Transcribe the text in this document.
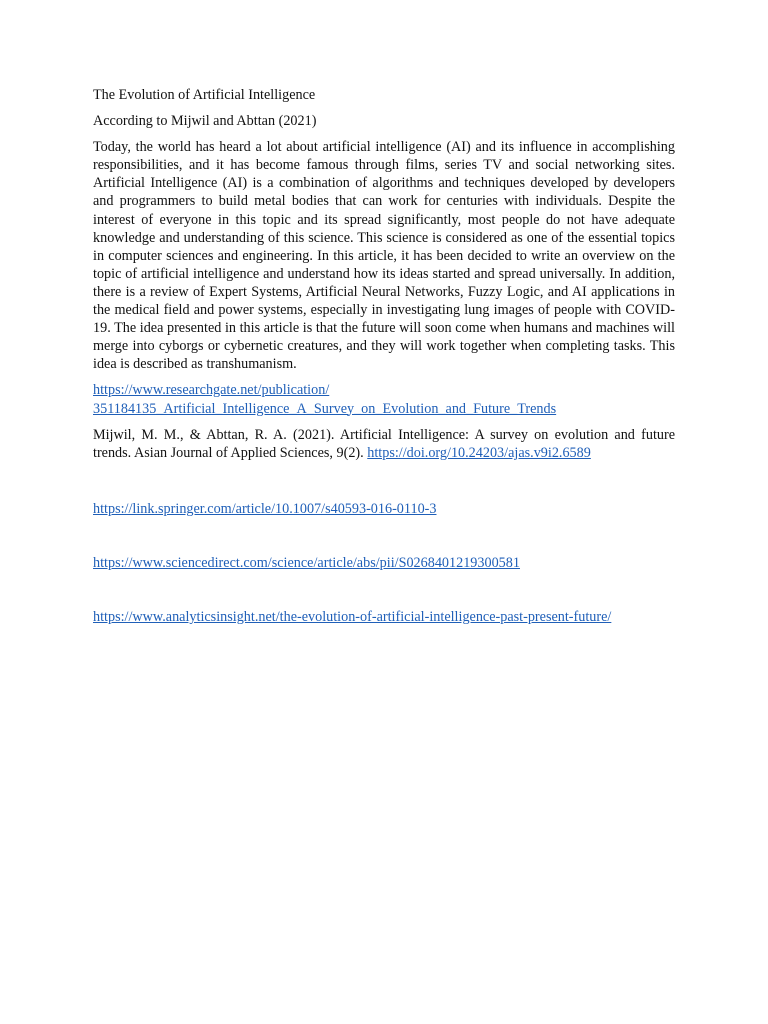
The Evolution of Artificial Intelligence

According to Mijwil and Abttan (2021)

Today, the world has heard a lot about artificial intelligence (AI) and its influence in accomplishing responsibilities, and it has become famous through films, series TV and social networking sites. Artificial Intelligence (AI) is a combination of algorithms and techniques developed by developers and programmers to build metal bodies that can work for centuries with individuals. Despite the interest of everyone in this topic and its spread significantly, most people do not have adequate knowledge and understanding of this science. This science is considered as one of the essential topics in computer sciences and engineering. In this article, it has been decided to write an overview on the topic of artificial intelligence and understand how its ideas started and spread universally. In addition, there is a review of Expert Systems, Artificial Neural Networks, Fuzzy Logic, and AI applications in the medical field and power systems, especially in investigating lung images of people with COVID-19. The idea presented in this article is that the future will soon come when humans and machines will merge into cyborgs or cybernetic creatures, and they will work together when completing tasks. This idea is described as transhumanism.

https://www.researchgate.net/publication/
351184135_Artificial_Intelligence_A_Survey_on_Evolution_and_Future_Trends

Mijwil, M. M., & Abttan, R. A. (2021). Artificial Intelligence: A survey on evolution and future trends. Asian Journal of Applied Sciences, 9(2). https://doi.org/10.24203/ajas.v9i2.6589

https://link.springer.com/article/10.1007/s40593-016-0110-3

https://www.sciencedirect.com/science/article/abs/pii/S0268401219300581

https://www.analyticsinsight.net/the-evolution-of-artificial-intelligence-past-present-future/
